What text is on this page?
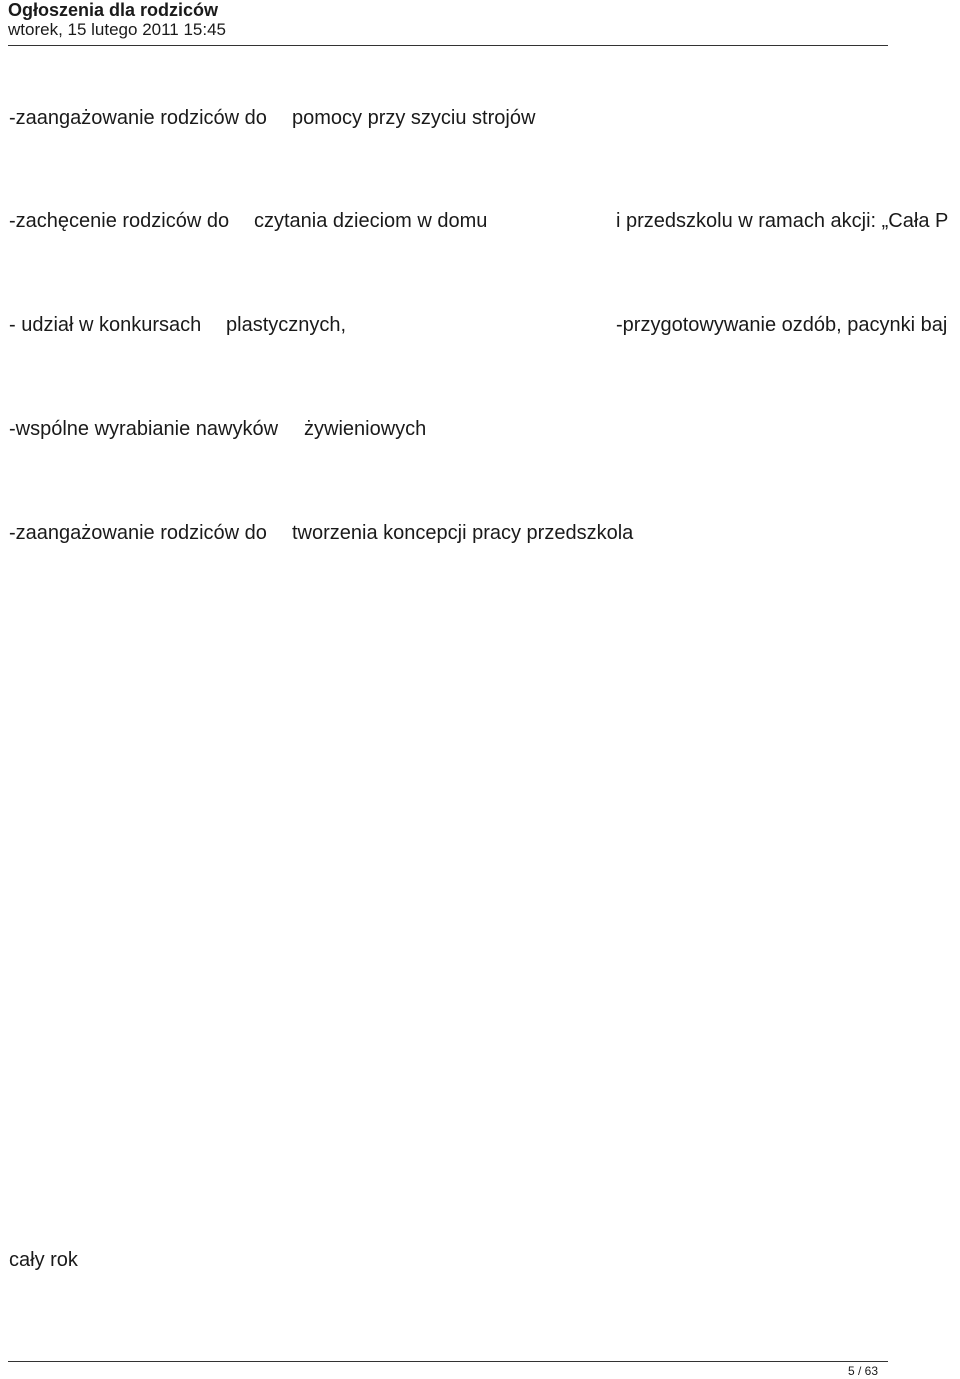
Ogłoszenia dla rodziców
wtorek, 15 lutego 2011 15:45
-zaangażowanie rodziców do pomocy przy szyciu strojów
-zachęcenie rodziców do czytania dzieciom w domu	i przedszkolu w ramach akcji: „Cała P
- udział w konkursach plastycznych,	-przygotowywanie ozdób, pacynki baj
-wspólne wyrabianie nawyków żywieniowych
-zaangażowanie rodziców do tworzenia koncepcji pracy przedszkola
cały rok
5 / 63
